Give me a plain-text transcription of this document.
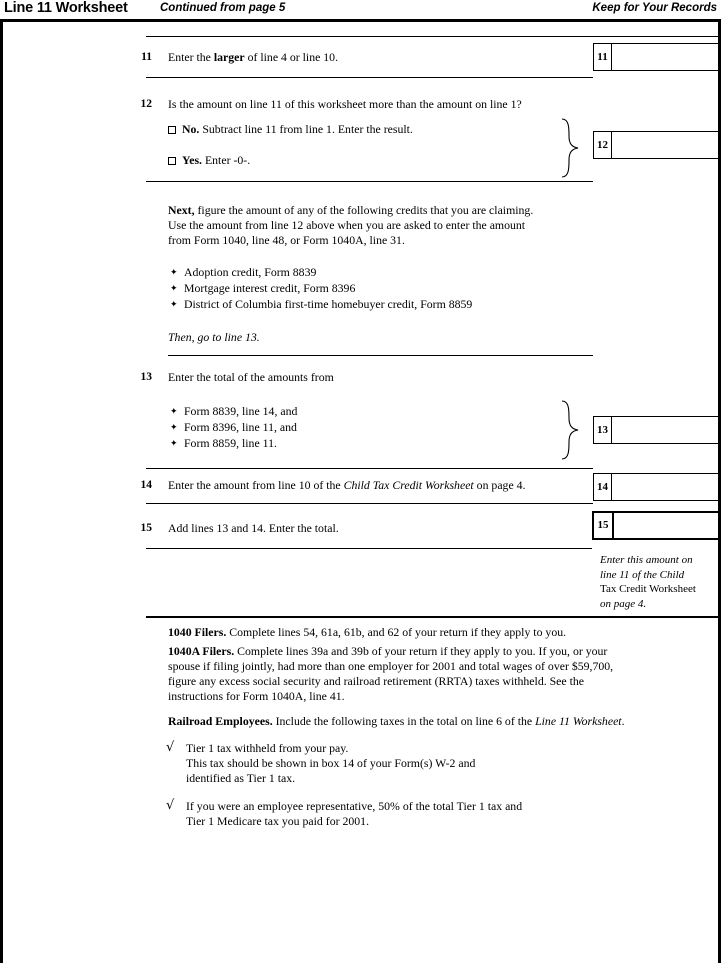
Line 11 Worksheet	Continued from page 5	Keep for Your Records
11 Enter the larger of line 4 or line 10.	11
12 Is the amount on line 11 of this worksheet more than the amount on line 1?
No. Subtract line 11 from line 1. Enter the result.
Yes. Enter -0-.
12
Next, figure the amount of any of the following credits that you are claiming.
Use the amount from line 12 above when you are asked to enter the amount
from Form 1040, line 48, or Form 1040A, line 31.
✦ Adoption credit, Form 8839
✦ Mortgage interest credit, Form 8396
✦ District of Columbia first-time homebuyer credit, Form 8859
Then, go to line 13.
13 Enter the total of the amounts from
✦ Form 8839, line 14, and
✦ Form 8396, line 11, and
✦ Form 8859, line 11.
13
14 Enter the amount from line 10 of the Child Tax Credit Worksheet on page 4.	14
15 Add lines 13 and 14. Enter the total.	15
Enter this amount on line 11 of the Child Tax Credit Worksheet on page 4.
1040 Filers. Complete lines 54, 61a, 61b, and 62 of your return if they apply to you.
1040A Filers. Complete lines 39a and 39b of your return if they apply to you. If you, or your
spouse if filing jointly, had more than one employer for 2001 and total wages of over $59,700,
figure any excess social security and railroad retirement (RRTA) taxes withheld. See the
instructions for Form 1040A, line 41.
Railroad Employees. Include the following taxes in the total on line 6 of the Line 11 Worksheet.
√ Tier 1 tax withheld from your pay.
This tax should be shown in box 14 of your Form(s) W-2 and
identified as Tier 1 tax.
√ If you were an employee representative, 50% of the total Tier 1 tax and
Tier 1 Medicare tax you paid for 2001.
